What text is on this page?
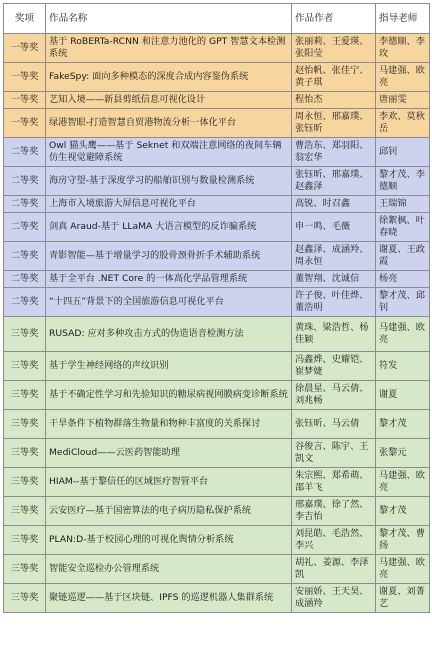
奖项	作品名称	作品作者	指导老师
一等奖	基于 RoBERTa-RCNN 和注意力池化的 GPT 智慧文本检测系统	张丽莉、王爱瑛、张阳莹	李德顺、李玫
一等奖	FakeSpy: 面向多种模态的深度合成内容鉴伪系统	赵怡帆、张佳宁、黄子琪	马建强、欧亮
一等奖	艺知入境——新县剪纸信息可视化设计	程怡杰	唐丽雯
一等奖	绿港智眼-打造智慧自贸港物流分析一体化平台	周永恒、邢嘉璞、张钰昕	李欢、莫秋岳
二等奖	Owl 猫头鹰——基于 Seknet 和双端注意网络的夜间车辆仿生视觉避障系统	曹浩东、郑羽阳、翁宏华	邱钊
二等奖	海房守望-基于深度学习的船舶识别与数量检测系统	张钰昕、邢嘉璞、赵鑫泽	黎才茂、李德顺
二等奖	上海市入境旅游大屏信息可视化平台	高锐、时召鑫	王瑞锦
二等奖	剑真 Araud-基于 LLaMA 大语言模型的反诈骗系统	申一鸣、毛薇	徐絮枫、叶春晓
二等奖	青影智能—基于增量学习的股骨颈骨折手术辅助系统	赵鑫泽、成涵羚、周永恒	谢夏、王政霞
二等奖	基于全平台 .NET Core 的一体高化学品管理系统	董智翔、沈诚信	杨亮
二等奖	“十四五”背景下的全国旅游信息可视化平台	许子俊、叶佳烨、董浩明	黎才茂、邱钊
三等奖	RUSAD: 应对多种攻击方式的伪造语音检测方法	黄珠、梁浩哲、杨佳颖	马建强、欧亮
三等奖	基于学生神经网络的声纹识别	冯鑫烨、史耀铠、崔梦婕	符发
三等奖	基于不确定性学习和先验知识的糖尿病视网膜病变诊断系统	徐晨星、马云倩、刘兆畅	谢夏
三等奖	干旱条件下植物群落生物量和物种丰富度的关系探讨	张钰昕、马云倩	黎才茂
三等奖	MediCloud——云医药智能助理	谷俊言、陈宇、王凯文	张黎元
三等奖	HIAM--基于黎信任的区域医疗智管平台	朱宗熙、郑希萌、邵羊飞	马建强、欧亮
三等奖	云安医疗—基于国密算法的电子病历隐私保护系统	邢嘉璞、徐了然、李吉怡	黎才茂
三等奖	PLAN:D-基于校园心理的可视化舆情分析系统	刘昆皓、毛浩然、李兴	黎才茂、曹扬
三等奖	智能安全巡检办公管理系统	胡礼、姜源、李泽凯	马建强、欧亮
三等奖	聚链巡逻——基于区块链、IPFS 的巡逻机器人集群系统	安丽娇、王天昊、成涵羚	谢夏、刘菁艺
